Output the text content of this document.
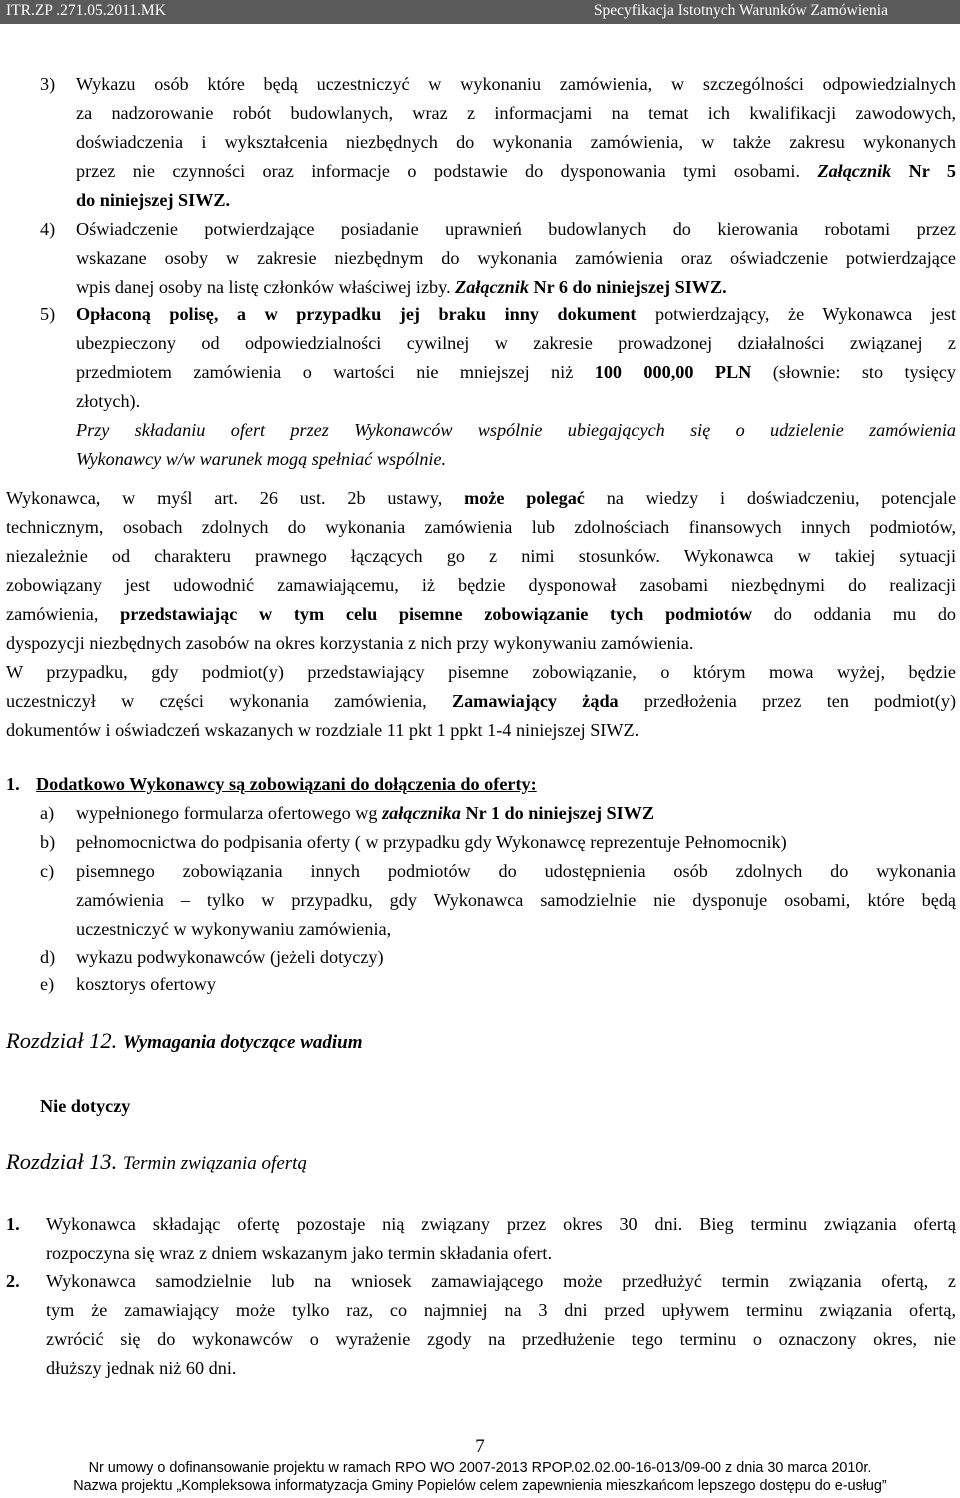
ITR.ZP .271.05.2011.MK	Specyfikacja Istotnych Warunków Zamówienia
3) Wykazu osób które będą uczestniczyć w wykonaniu zamówienia, w szczególności odpowiedzialnych
za nadzorowanie robót budowlanych, wraz z informacjami na temat ich kwalifikacji zawodowych,
doświadczenia i wykształcenia niezbędnych do wykonania zamówienia, w także zakresu wykonanych
przez nie czynności oraz informacje o podstawie do dysponowania tymi osobami. Załącznik Nr 5
do niniejszej SIWZ.
4) Oświadczenie potwierdzające posiadanie uprawnień budowlanych do kierowania robotami przez
wskazane osoby w zakresie niezbędnym do wykonania zamówienia oraz oświadczenie potwierdzające
wpis danej osoby na listę członków właściwej izby. Załącznik Nr 6 do niniejszej SIWZ.
5) Opłaconą polisę, a w przypadku jej braku inny dokument potwierdzający, że Wykonawca jest
ubezpieczony od odpowiedzialności cywilnej w zakresie prowadzonej działalności związanej z
przedmiotem zamówienia o wartości nie mniejszej niż 100 000,00 PLN (słownie: sto tysięcy
złotych).
Przy składaniu ofert przez Wykonawców wspólnie ubiegających się o udzielenie zamówienia
Wykonawcy w/w warunek mogą spełniać wspólnie.
Wykonawca, w myśl art. 26 ust. 2b ustawy, może polegać na wiedzy i doświadczeniu, potencjale
technicznym, osobach zdolnych do wykonania zamówienia lub zdolnościach finansowych innych podmiotów,
niezależnie od charakteru prawnego łączących go z nimi stosunków. Wykonawca w takiej sytuacji
zobowiązany jest udowodnić zamawiającemu, iż będzie dysponował zasobami niezbędnymi do realizacji
zamówienia, przedstawiając w tym celu pisemne zobowiązanie tych podmiotów do oddania mu do
dyspozycji niezbędnych zasobów na okres korzystania z nich przy wykonywaniu zamówienia.
W przypadku, gdy podmiot(y) przedstawiający pisemne zobowiązanie, o którym mowa wyżej, będzie
uczestniczył w części wykonania zamówienia, Zamawiający żąda przedłożenia przez ten podmiot(y)
dokumentów i oświadczeń wskazanych w rozdziale 11 pkt 1 ppkt 1-4 niniejszej SIWZ.
1. Dodatkowo Wykonawcy są zobowiązani do dołączenia do oferty:
a) wypełnionego formularza ofertowego wg załącznika Nr 1 do niniejszej SIWZ
b) pełnomocnictwa do podpisania oferty ( w przypadku gdy Wykonawcę reprezentuje Pełnomocnik)
c) pisemnego zobowiązania innych podmiotów do udostępnienia osób zdolnych do wykonania
zamówienia – tylko w przypadku, gdy Wykonawca samodzielnie nie dysponuje osobami, które będą
uczestniczyć w wykonywaniu zamówienia,
d) wykazu podwykonawców (jeżeli dotyczy)
e) kosztorys ofertowy
Rozdział 12. Wymagania dotyczące wadium
Nie dotyczy
Rozdział 13. Termin związania ofertą
1. Wykonawca składając ofertę pozostaje nią związany przez okres 30 dni. Bieg terminu związania ofertą
rozpoczyna się wraz z dniem wskazanym jako termin składania ofert.
2. Wykonawca samodzielnie lub na wniosek zamawiającego może przedłużyć termin związania ofertą, z
tym że zamawiający może tylko raz, co najmniej na 3 dni przed upływem terminu związania ofertą,
zwrócić się do wykonawców o wyrażenie zgody na przedłużenie tego terminu o oznaczony okres, nie
dłuższy jednak niż 60 dni.
7
Nr umowy o dofinansowanie projektu w ramach RPO WO 2007-2013 RPOP.02.02.00-16-013/09-00 z dnia 30 marca 2010r.
Nazwa projektu „Kompleksowa informatyzacja Gminy Popielów celem zapewnienia mieszkańcom lepszego dostępu do e-usług”
